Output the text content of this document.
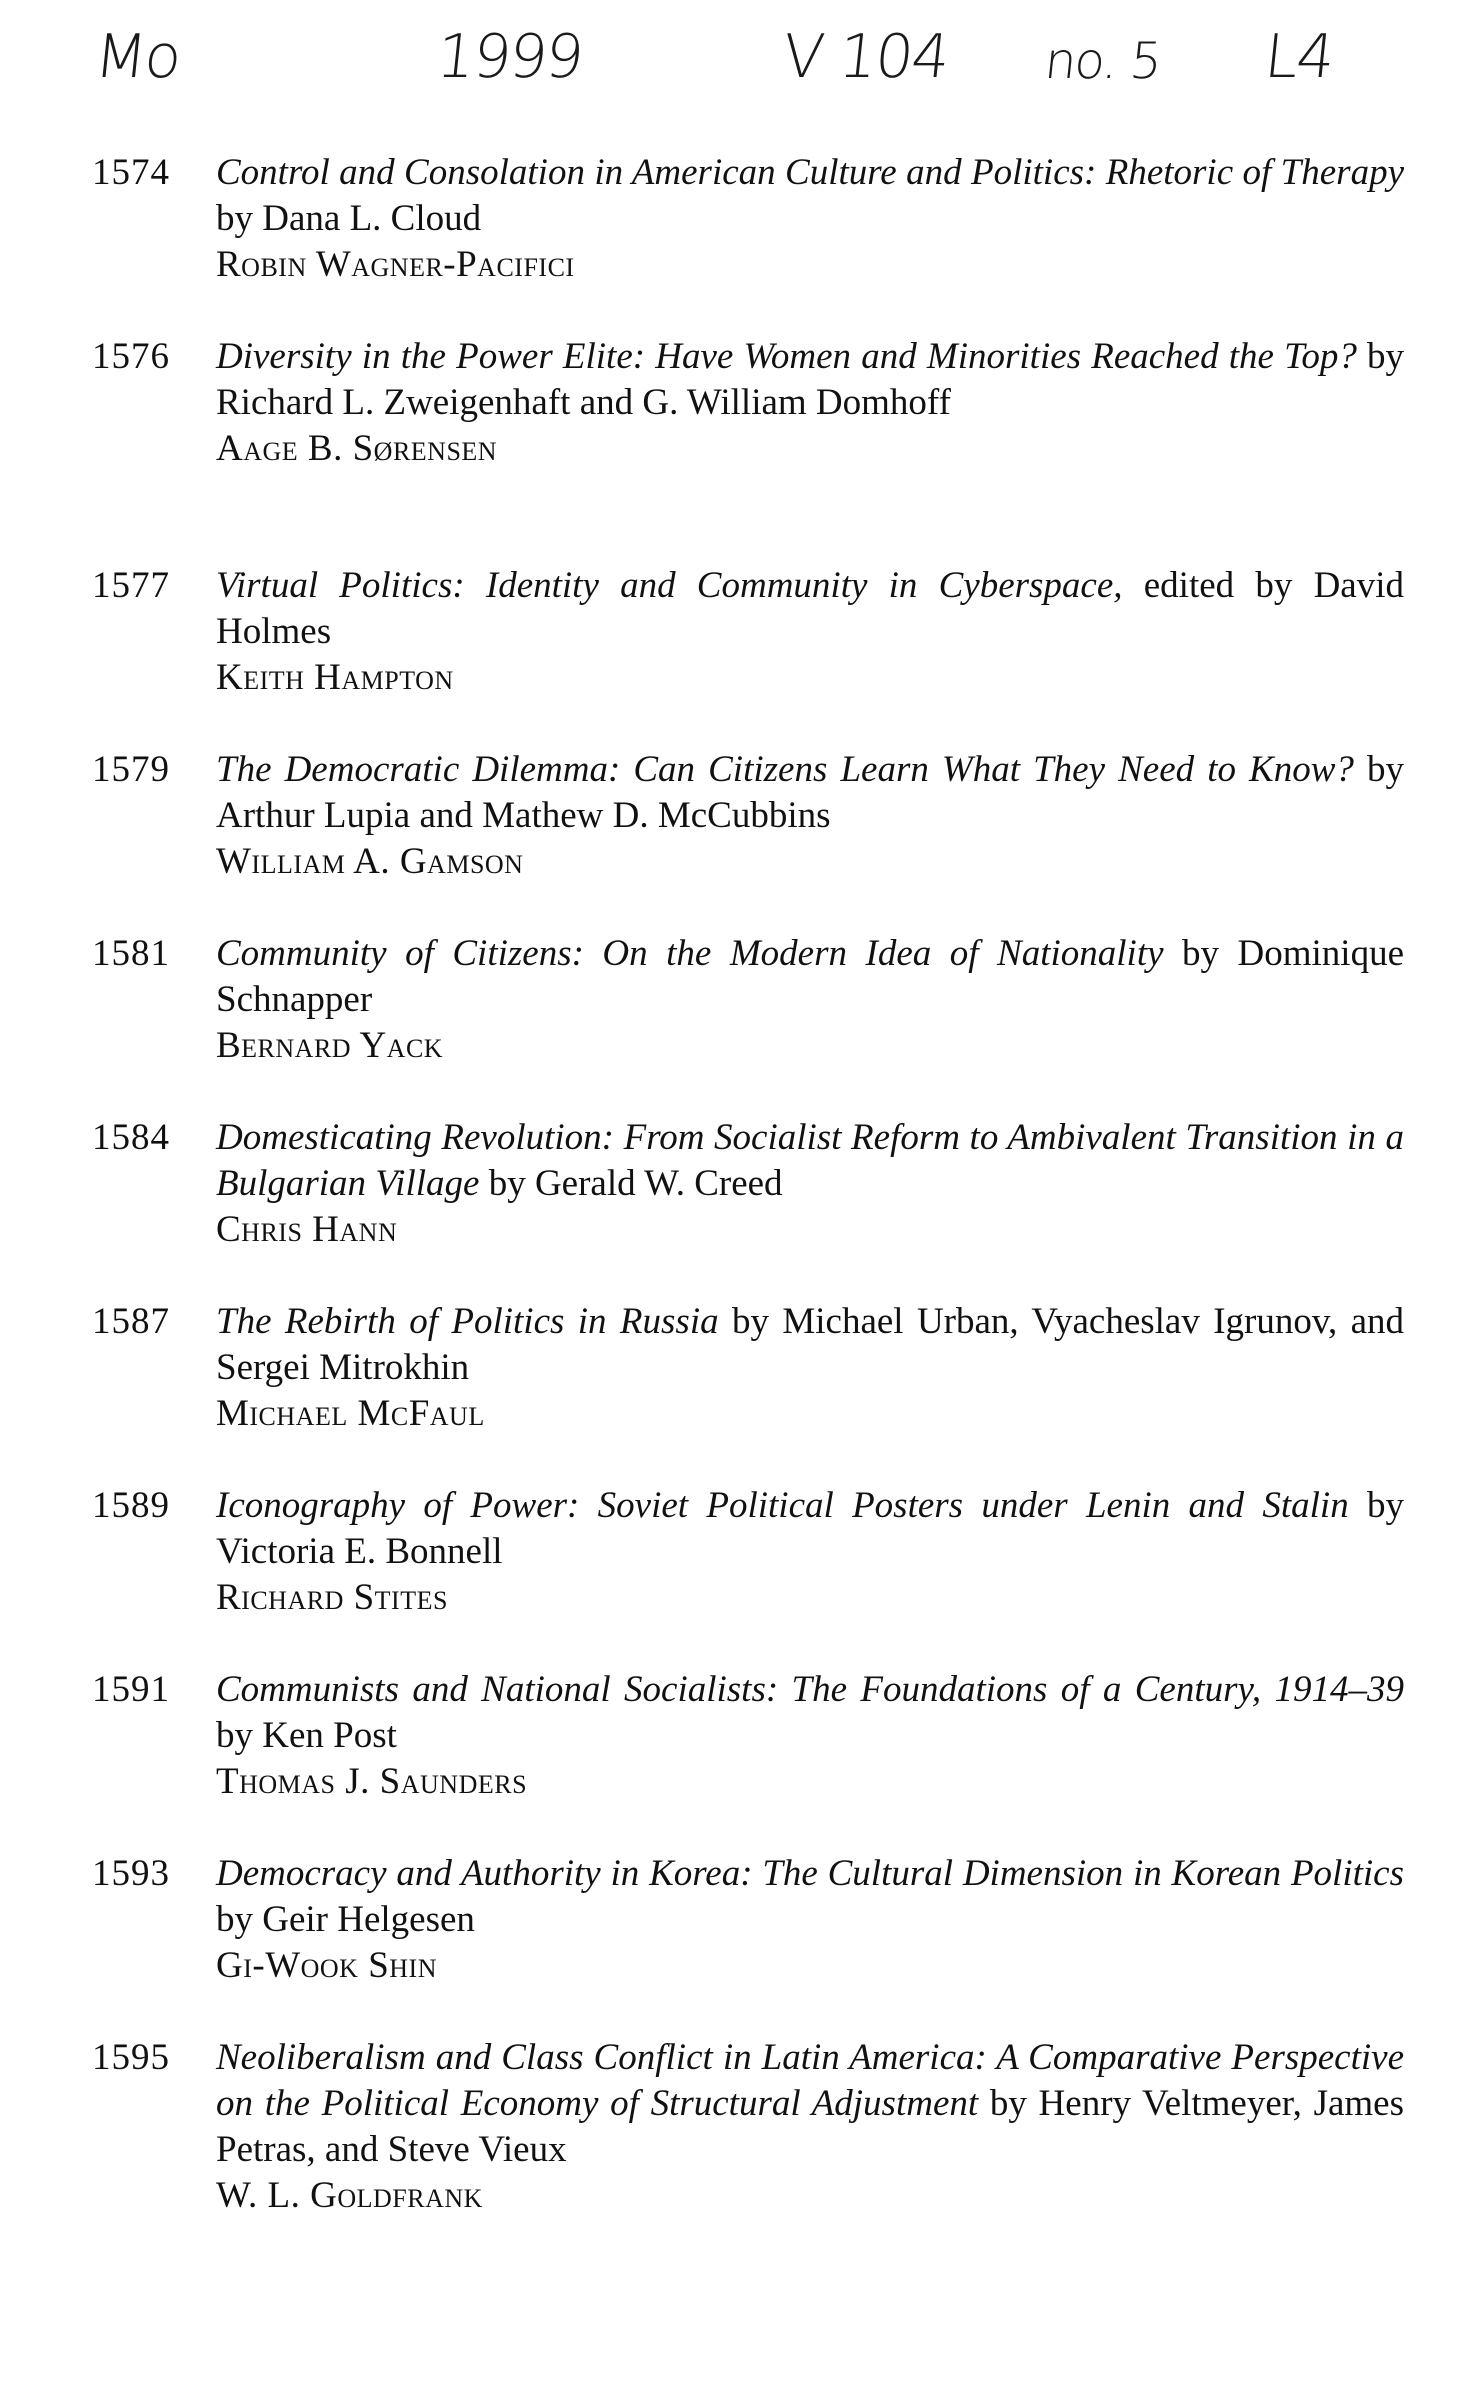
Mo	1999	V 104 no. 5 L4
1574 Control and Consolation in American Culture and Politics: Rhetoric of Therapy by Dana L. Cloud
Robin Wagner-Pacifici
1576 Diversity in the Power Elite: Have Women and Minorities Reached the Top? by Richard L. Zweigenhaft and G. William Domhoff
Aage B. Sørensen
1577 Virtual Politics: Identity and Community in Cyberspace, edited by David Holmes
Keith Hampton
1579 The Democratic Dilemma: Can Citizens Learn What They Need to Know? by Arthur Lupia and Mathew D. McCubbins
William A. Gamson
1581 Community of Citizens: On the Modern Idea of Nationality by Dominique Schnapper
Bernard Yack
1584 Domesticating Revolution: From Socialist Reform to Ambivalent Transition in a Bulgarian Village by Gerald W. Creed
Chris Hann
1587 The Rebirth of Politics in Russia by Michael Urban, Vyacheslav Igrunov, and Sergei Mitrokhin
Michael McFaul
1589 Iconography of Power: Soviet Political Posters under Lenin and Stalin by Victoria E. Bonnell
Richard Stites
1591 Communists and National Socialists: The Foundations of a Century, 1914–39 by Ken Post
Thomas J. Saunders
1593 Democracy and Authority in Korea: The Cultural Dimension in Korean Politics by Geir Helgesen
Gi-Wook Shin
1595 Neoliberalism and Class Conflict in Latin America: A Comparative Perspective on the Political Economy of Structural Adjustment by Henry Veltmeyer, James Petras, and Steve Vieux
W. L. Goldfrank
